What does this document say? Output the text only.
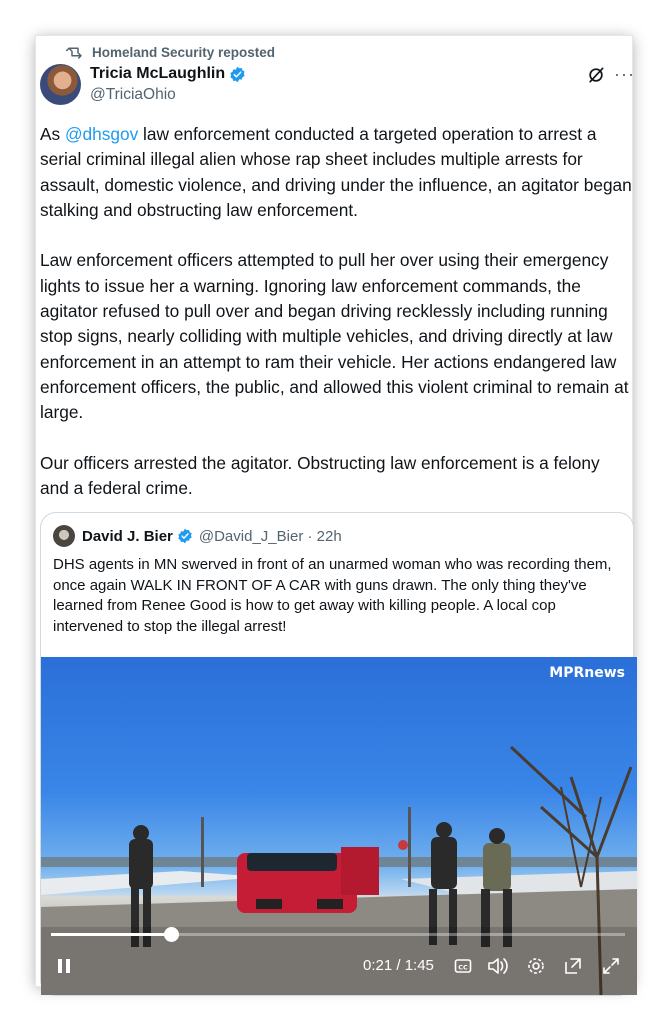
Homeland Security reposted
Tricia McLaughlin
@TriciaOhio
···

As @dhsgov law enforcement conducted a targeted operation to arrest a serial criminal illegal alien whose rap sheet includes multiple arrests for assault, domestic violence, and driving under the influence, an agitator began stalking and obstructing law enforcement.

Law enforcement officers attempted to pull her over using their emergency lights to issue her a warning. Ignoring law enforcement commands, the agitator refused to pull over and began driving recklessly including running stop signs, nearly colliding with multiple vehicles, and driving directly at law enforcement in an attempt to ram their vehicle. Her actions endangered law enforcement officers, the public, and allowed this violent criminal to remain at large.

Our officers arrested the agitator. Obstructing law enforcement is a felony and a federal crime.

David J. Bier @David_J_Bier · 22h
DHS agents in MN swerved in front of an unarmed woman who was recording them, once again WALK IN FRONT OF A CAR with guns drawn. The only thing they've learned from Renee Good is how to get away with killing people. A local cop intervened to stop the illegal arrest!
MPRnews
0:21 / 1:45	CC
